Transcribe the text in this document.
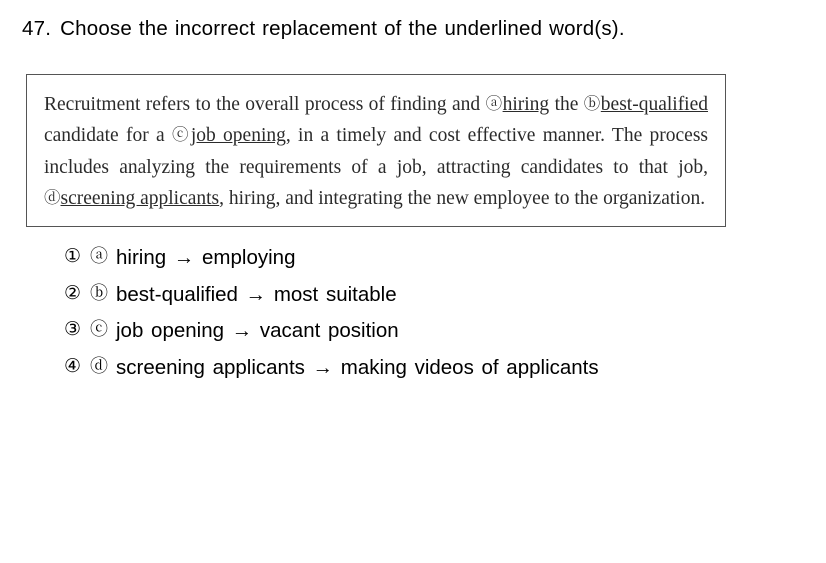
47. Choose the incorrect replacement of the underlined word(s).

Recruitment refers to the overall process of finding and ⓐhiring the ⓑbest-qualified candidate for a ⓒjob opening, in a timely and cost effective manner. The process includes analyzing the requirements of a job, attracting candidates to that job, ⓓscreening applicants, hiring, and integrating the new employee to the organization.

① ⓐ hiring → employing
② ⓑ best-qualified → most suitable
③ ⓒ job opening → vacant position
④ ⓓ screening applicants → making videos of applicants
